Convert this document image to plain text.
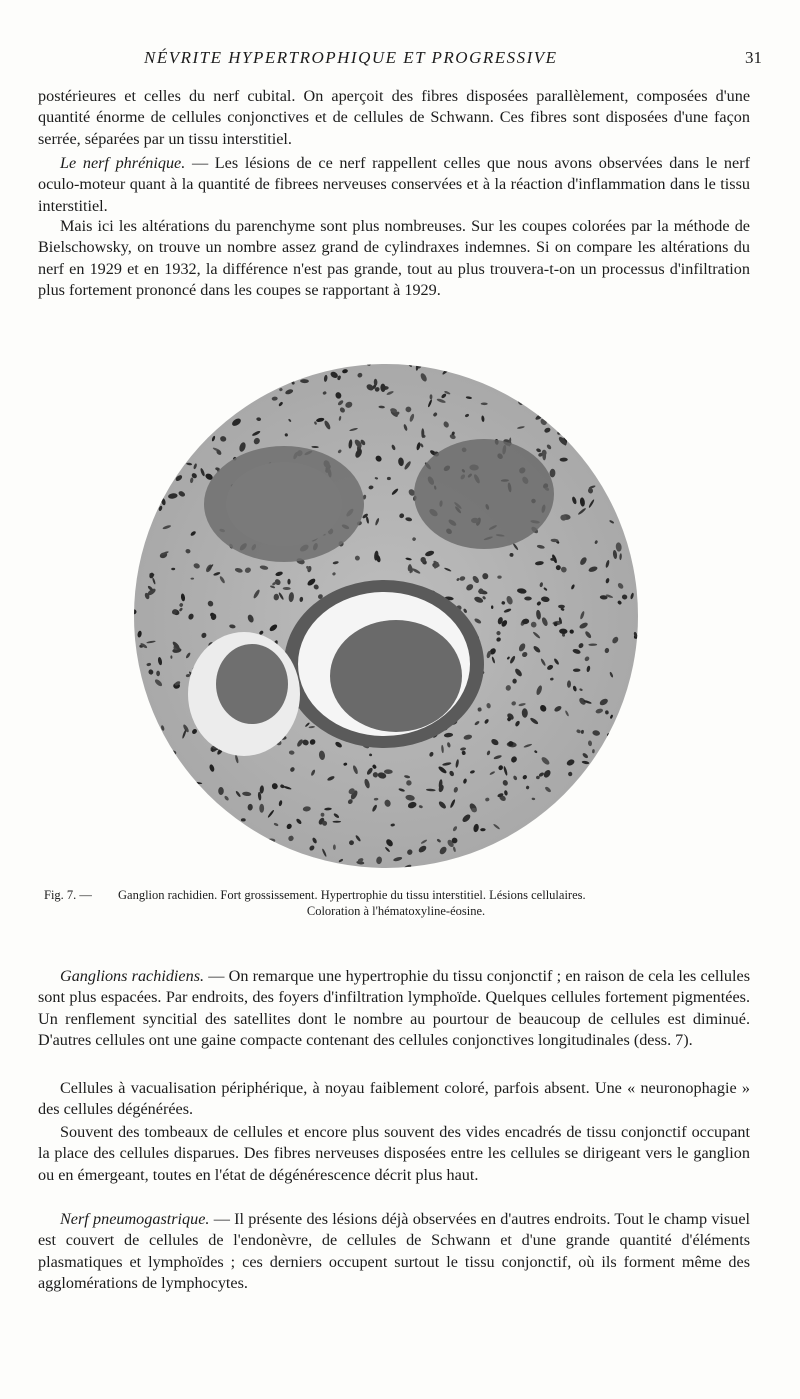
NÉVRITE HYPERTROPHIQUE ET PROGRESSIVE	31

postérieures et celles du nerf cubital. On aperçoit des fibres disposées parallèlement, composées d'une quantité énorme de cellules conjonctives et de cellules de Schwann. Ces fibres sont disposées d'une façon serrée, séparées par un tissu interstitiel.

Le nerf phrénique. — Les lésions de ce nerf rappellent celles que nous avons observées dans le nerf oculo-moteur quant à la quantité de fibrees nerveuses conservées et à la réaction d'inflammation dans le tissu interstitiel.

Mais ici les altérations du parenchyme sont plus nombreuses. Sur les coupes colorées par la méthode de Bielschowsky, on trouve un nombre assez grand de cylindraxes indemnes. Si on compare les altérations du nerf en 1929 et en 1932, la différence n'est pas grande, tout au plus trouvera-t-on un processus d'infiltration plus fortement prononcé dans les coupes se rapportant à 1929.

Fig. 7. —	Ganglion rachidien. Fort grossissement. Hypertrophie du tissu interstitiel. Lésions cellulaires.
Coloration à l'hématoxyline-éosine.

Ganglions rachidiens. — On remarque une hypertrophie du tissu conjonctif ; en raison de cela les cellules sont plus espacées. Par endroits, des foyers d'infiltration lymphoïde. Quelques cellules fortement pigmentées. Un renflement syncitial des satellites dont le nombre au pourtour de beaucoup de cellules est diminué. D'autres cellules ont une gaine compacte contenant des cellules conjonctives longitudinales (dess. 7).

Cellules à vacualisation périphérique, à noyau faiblement coloré, parfois absent. Une « neuronophagie » des cellules dégénérées.

Souvent des tombeaux de cellules et encore plus souvent des vides encadrés de tissu conjonctif occupant la place des cellules disparues. Des fibres nerveuses disposées entre les cellules se dirigeant vers le ganglion ou en émergeant, toutes en l'état de dégénérescence décrit plus haut.

Nerf pneumogastrique. — Il présente des lésions déjà observées en d'autres endroits. Tout le champ visuel est couvert de cellules de l'endonèvre, de cellules de Schwann et d'une grande quantité d'éléments plasmatiques et lymphoïdes ; ces derniers occupent surtout le tissu conjonctif, où ils forment même des agglomérations de lymphocytes.
